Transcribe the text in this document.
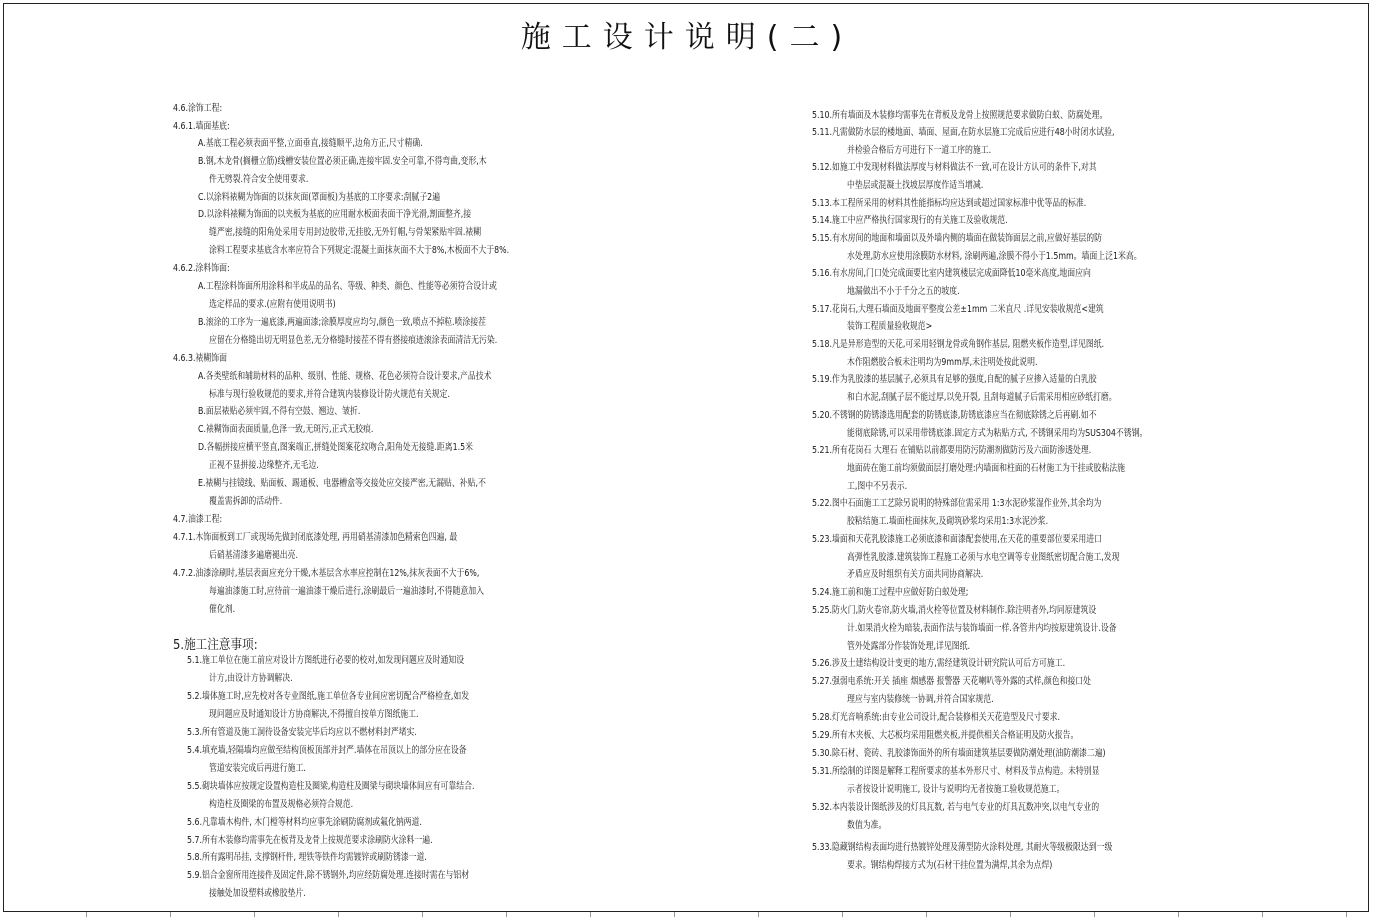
施工设计说明(二)
4.6.涂饰工程:
4.6.1.墙面基底:
A.基底工程必须表面平整,立面垂直,接缝顺平,边角方正,尺寸精确.
B.钢,木龙骨(搁栅立筋)线槽安装位置必须正确,连接牢固.安全可靠,不得弯曲,变形,木
件无劈裂.符合安全使用要求.
C.以涂料裱糊为饰面的以抹灰面(罩面板)为基底的工序要求:刮腻子2遍
D.以涂料裱糊为饰面的以夹板为基底的应用耐水板面表面干净光滑,割面整齐,接
缝严密,接缝的阳角处采用专用封边胶带,无挂胶,无外钉帽,与骨架紧贴牢固.裱糊
涂料工程要求基底含水率应符合下列规定:混凝土面抹灰面不大于8%,木板面不大于8%.
4.6.2.涂料饰面:
A.工程涂料饰面所用涂料和半成品的品名、等级、种类、颜色、性能等必须符合设计或
选定样品的要求.(应附有使用说明书)
B.滚涂的工序为一遍底漆,两遍面漆;涂膜厚度应均匀,颜色一致,喷点不掉粒.喷涂接茬
应留在分格缝出切无明显色差,无分格缝时接茬不得有搭接痕迹滚涂表面清洁无污染.
4.6.3.裱糊饰面
A.各类壁纸和辅助材料的品种、级别、性能、规格、花色必须符合设计要求,产品技术
标准与现行验收规范的要求,并符合建筑内装修设计防火规范有关规定.
B.面层裱贴必须牢固,不得有空鼓、翘边、皱折.
C.裱糊饰面表面质量,色泽一致,无斑污,正式无胶痕.
D.各幅拼接应横平竖直,图案端正,拼缝处图案花纹吻合,阳角处无接缝.距离1.5米
正视不显拼接.边缘整齐,无毛边.
E.裱糊与挂镜线、贴面板、踢通板、电器槽盒等交接处应交接严密,无漏贴、补贴,不
覆盖需拆卸的活动件.
4.7.油漆工程:
4.7.1.木饰面板到工厂或现场先做封闭底漆处理, 再用硝基清漆加色精索色四遍, 最
后硝基清漆多遍磨褪出亮.
4.7.2.油漆涂刷时,基层表面应充分干燥,木基层含水率应控制在12%,抹灰表面不大于6%,
每遍油漆施工时,应待前一遍油漆干燥后进行,涂刷最后一遍油漆时,不得随意加入
催化剂.
5.施工注意事项:
5.1.施工单位在施工前应对设计方图纸进行必要的校对,如发现问题应及时通知设
计方,由设计方协调解决.
5.2.墙体施工时,应先校对各专业图纸,施工单位各专业间应密切配合严格检查,如发
现问题应及时通知设计方协商解决,不得擅自按单方图纸施工.
5.3.所有管道及施工洞待设备安装完毕后均应以不燃材料封严堵实.
5.4.填充墙,轻隔墙均应做至结构顶板顶部并封严.墙体在吊顶以上的部分应在设备
管道安装完成后再进行施工.
5.5.砌块墙体应按规定设置构造柱及圈梁,构造柱及圈梁与砌块墙体间应有可靠结合.
构造柱及圈梁的布置及规格必须符合规范.
5.6.凡靠墙木构件, 木门樘等材料均应事先涂刷防腐剂或氟化钠两道.
5.7.所有木装修均需事先在板背及龙骨上按规范要求涂刷防火涂料一遍.
5.8.所有露明吊挂, 支撑钢杆件, 埋铁等铁件均需镀锌或刷防锈漆一道.
5.9.铝合金窗所用连接件及固定件,除不锈钢外,均应经防腐处理.连接时需在与铝材
接触处加设塑料或橡胶垫片.
5.10.所有墙面及木装修均需事先在背板及龙骨上按照规范要求做防白蚁、防腐处理。
5.11.凡需做防水层的楼地面、墙面、屋面,在防水层施工完成后应进行48小时闭水试验,
并检验合格后方可进行下一道工序的施工.
5.12.如施工中发现材料做法厚度与材料做法不一致,可在设计方认可的条件下,对其
中垫层或混凝土找坡层厚度作适当增减.
5.13.本工程所采用的材料其性能指标均应达到或超过国家标准中优等品的标准.
5.14.施工中应严格执行国家现行的有关施工及验收规范.
5.15.有水房间的地面和墙面以及外墙内侧的墙面在做装饰面层之前,应做好基层的防
水处理,防水应使用涂膜防水材料, 涂刷两遍,涂膜不得小于1.5mm。墙面上泛1米高。
5.16.有水房间,门口处完成面要比室内建筑楼层完成面降低10毫米高度,地面应向
地漏做出不小于千分之五的坡度.
5.17.花岗石,大理石墙面及地面平整度公差±1mm 二米直尺 .详见安装收规范<建筑
装饰工程质量验收规范>
5.18.凡是异形造型的天花,可采用轻钢龙骨或角钢作基层, 阻燃夹板作造型,详见图纸.
木作阻燃胶合板未注明均为9mm厚,未注明处按此说明.
5.19.作为乳胶漆的基层腻子,必须具有足够的强度,自配的腻子应掺入适量的白乳胶
和白水泥,刮腻子层不能过厚,以免开裂, 且刮每道腻子后需采用相应砂纸打磨。
5.20.不锈钢的防锈漆选用配套的防锈底漆,防锈底漆应当在彻底除锈之后再刷.如不
能彻底除锈,可以采用带锈底漆.固定方式为粘贴方式, 不锈钢采用均为SUS304不锈钢。
5.21.所有花岗石 大理石 在铺贴以前都要用防污防潮剂做防污及六面防渗透处理.
地面砖在施工前均须做面层打磨处理:内墙面和柱面的石材施工为干挂或胶粘法施
工,图中不另表示.
5.22.图中石面施工工艺除另说明的特殊部位需采用 1:3水泥砂浆湿作业外,其余均为
胶粘结施工.墙面柱面抹灰,及砌筑砂浆均采用1:3水泥沙浆.
5.23.墙面和天花乳胶漆施工必须底漆和面漆配套使用,在天花的重要部位要采用进口
高弹性乳胶漆.建筑装饰工程施工必须与水电空调等专业图纸密切配合施工,发现
矛盾应及时组织有关方面共同协商解决.
5.24.施工前和施工过程中应做好防白蚁处理;
5.25.防火门,防火卷帘,防火墙,消火栓等位置及材料制作.除注明者外,均同原建筑设
计.如果消火栓为暗装,表面作法与装饰墙面一样.各管井内均按原建筑设计.设备
管外处露部分作装饰处理,详见图纸.
5.26.涉及土建结构设计变更的地方,需经建筑设计研究院认可后方可施工.
5.27.强弱电系统:开关 插座 烟感器 报警器 天花喇叭等外露的式样,颜色和接口处
理应与室内装修统一协调,并符合国家规范.
5.28.灯光音响系统:由专业公司设计,配合装修相关天花造型及尺寸要求.
5.29.所有木夹板、大芯板均采用阻燃夹板,并提供相关合格证明及防火报告。
5.30.除石材、瓷砖、乳胶漆饰面外的所有墙面建筑基层要做防潮处理(油防潮漆二遍)
5.31.所绘制的详图是解释工程所要求的基本外形尺寸、材料及节点构造。未特别显
示者按设计说明施工, 设计与说明均无者按施工验收规范施工。
5.32.本内装设计图纸涉及的灯具瓦数, 若与电气专业的灯具瓦数冲突,以电气专业的
数值为准。
5.33.隐藏钢结构表面均进行热镀锌处理及薄型防火涂料处理, 其耐火等级极限达到一级
要求。钢结构焊接方式为(石材干挂位置为满焊,其余为点焊)
